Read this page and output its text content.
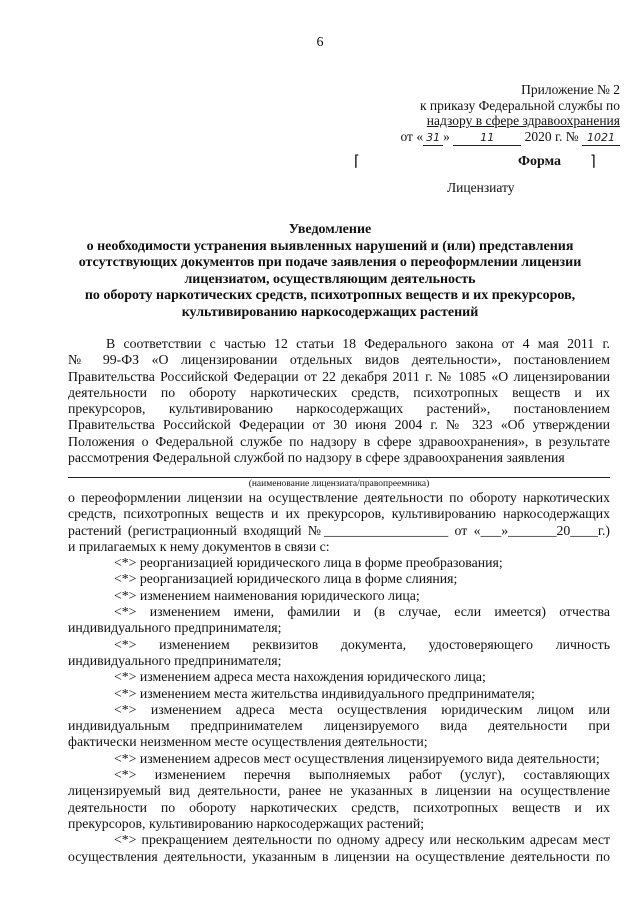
6
Приложение № 2
к приказу Федеральной службы по
надзору в сфере здравоохранения
от « 31 »	11 2020 г. № 1021
⌈	Форма ⌉
Лицензиату
Уведомление
о необходимости устранения выявленных нарушений и (или) представления
отсутствующих документов при подаче заявления о переоформлении лицензии
лицензиатом, осуществляющим деятельность
по обороту наркотических средств, психотропных веществ и их прекурсоров,
культивированию наркосодержащих растений
В соответствии с частью 12 статьи 18 Федерального закона от 4 мая 2011 г.
№ 99-ФЗ «О лицензировании отдельных видов деятельности», постановлением
Правительства Российской Федерации от 22 декабря 2011 г. № 1085 «О лицензировании
деятельности по обороту наркотических средств, психотропных веществ и их
прекурсоров, культивированию наркосодержащих растений», постановлением
Правительства Российской Федерации от 30 июня 2004 г. № 323 «Об утверждении
Положения о Федеральной службе по надзору в сфере здравоохранения», в результате
рассмотрения Федеральной службой по надзору в сфере здравоохранения заявления
(наименование лицензиата/правопреемника)
о переоформлении лицензии на осуществление деятельности по обороту наркотических
средств, психотропных веществ и их прекурсоров, культивированию наркосодержащих
растений (регистрационный входящий №__________________ от «___»_______20____г.)
и прилагаемых к нему документов в связи с:
<*> реорганизацией юридического лица в форме преобразования;
<*> реорганизацией юридического лица в форме слияния;
<*> изменением наименования юридического лица;
<*> изменением имени, фамилии и (в случае, если имеется) отчества
индивидуального предпринимателя;
<*> изменением реквизитов документа, удостоверяющего личность
индивидуального предпринимателя;
<*> изменением адреса места нахождения юридического лица;
<*> изменением места жительства индивидуального предпринимателя;
<*> изменением адреса места осуществления юридическим лицом или
индивидуальным предпринимателем лицензируемого вида деятельности при
фактически неизменном месте осуществления деятельности;
<*> изменением адресов мест осуществления лицензируемого вида деятельности;
<*> изменением перечня выполняемых работ (услуг), составляющих
лицензируемый вид деятельности, ранее не указанных в лицензии на осуществление
деятельности по обороту наркотических средств, психотропных веществ и их
прекурсоров, культивированию наркосодержащих растений;
<*> прекращением деятельности по одному адресу или нескольким адресам мест
осуществления деятельности, указанным в лицензии на осуществление деятельности по
